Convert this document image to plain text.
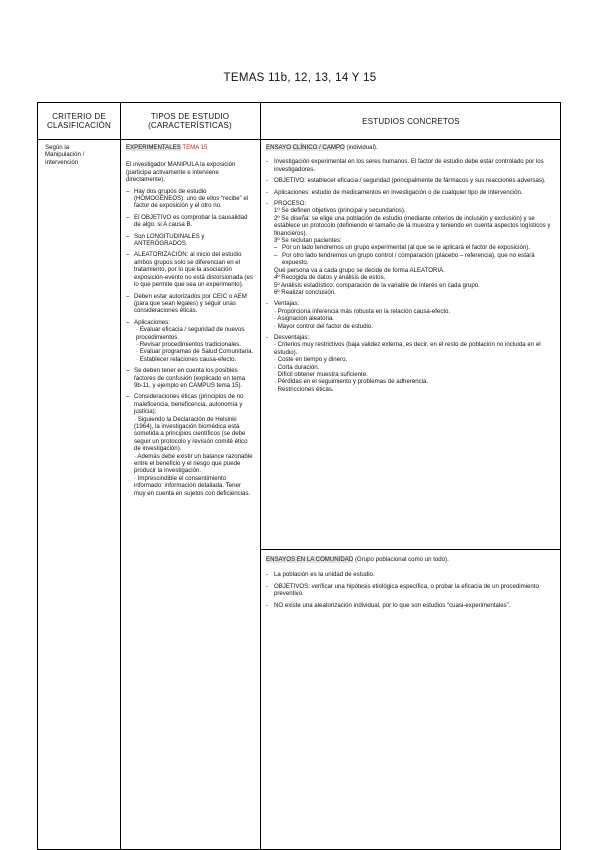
TEMAS 11b, 12, 13, 14 Y 15
CRITERIO DE CLASIFICACIÓN
TIPOS DE ESTUDIO (CARACTERÍSTICAS)	ESTUDIOS CONCRETOS

Según la Manipulación / Intervención

EXPERIMENTALES TEMA 15

El investigador MANIPULA la exposición (participa activamente e interviene directamente).

– Hay dos grupos de estudio (HOMOGÉNEOS): uno de ellos “recibe” el factor de exposición y el otro no.
– El OBJETIVO es comprobar la causalidad de algo: si A causa B.
– Son LONGITUDINALES y ANTERÓGRADOS.
– ALEATORIZACIÓN: al inicio del estudio ambos grupos solo se diferencian en el tratamiento, por lo que la asociación exposición-evento no está distorsionada (es lo que permite que sea un experimento).
– Deben estar autorizados por CEIC o AEM (para que sean legales) y seguir unas consideraciones éticas.
– Aplicaciones:

· Evaluar eficacia / seguridad de nuevos procedimientos.

· Revisar procedimientos tradicionales.

· Evaluar programas de Salud Comunitaria.

· Establecer relaciones causa-efecto.

– Se deben tener en cuenta los posibles factores de confusión (explicado en tema 9b-11, y ejemplo en CAMPUS tema 15).
– Consideraciones éticas (principios de no maleficencia, beneficencia, autonomía y justicia):

· Siguiendo la Declaración de Helsinki (1964), la investigación biomédica está sometida a principios científicos (se debe seguir un protocolo y revisión comité ético de investigación).

· Además debe existir un balance razonable entre el beneficio y el riesgo que puede producir la investigación.

· Imprescindible el consentimiento informado: información detallada. Tener muy en cuenta en sujetos con deficiencias.

ENSAYO CLÍNICO / CAMPO (individual).

- Investigación experimental en los seres humanos. El factor de estudio debe estar controlado por los investigadores.
- OBJETIVO: establecer eficacia / seguridad (principalmente de fármacos y sus reacciones adversas).
- Aplicaciones: estudio de medicamentos en investigación o de cualquier tipo de intervención.
- PROCESO:

1º Se definen objetivos (principal y secundarios).

2º Se diseña: se elige una población de estudio (mediante criterios de inclusión y exclusión) y se establece un protocolo (definiendo el tamaño de la muestra y teniendo en cuenta aspectos logísticos y financieros).

3º Se reclutan pacientes:

– Por un lado tendremos un grupo experimental (al que se le aplicará el factor de exposición).
– Por otro lado tendremos un grupo control / comparación (placebo – referencia), que no estará expuesto.

Qué persona va a cada grupo se decide de forma ALEATORIA.

4º Recogida de datos y análisis de estos.

5º Análisis estadístico: comparación de la variable de interés en cada grupo.

6º Realizar conclusión.

- Ventajas:

· Proporciona inferencia más robusta en la relación causa-efecto.

· Asignación aleatoria.

· Mayor control del factor de estudio.

- Desventajas:

· Criterios muy restrictivos (baja validez externa, es decir, en el resto de población no incluida en el estudio).

· Coste en tiempo y dinero.

· Corta duración.

· Difícil obtener muestra suficiente.

· Pérdidas en el seguimiento y problemas de adherencia.

· Restricciones éticas.

ENSAYOS EN LA COMUNIDAD (Grupo poblacional como un todo).

- La población es la unidad de estudio.
- OBJETIVOS: verificar una hipótesis etiológica específica, o probar la eficacia de un procedimiento preventivo.
- NO existe una aleatorización individual, por lo que son estudios “cuasi-experimentales”.
